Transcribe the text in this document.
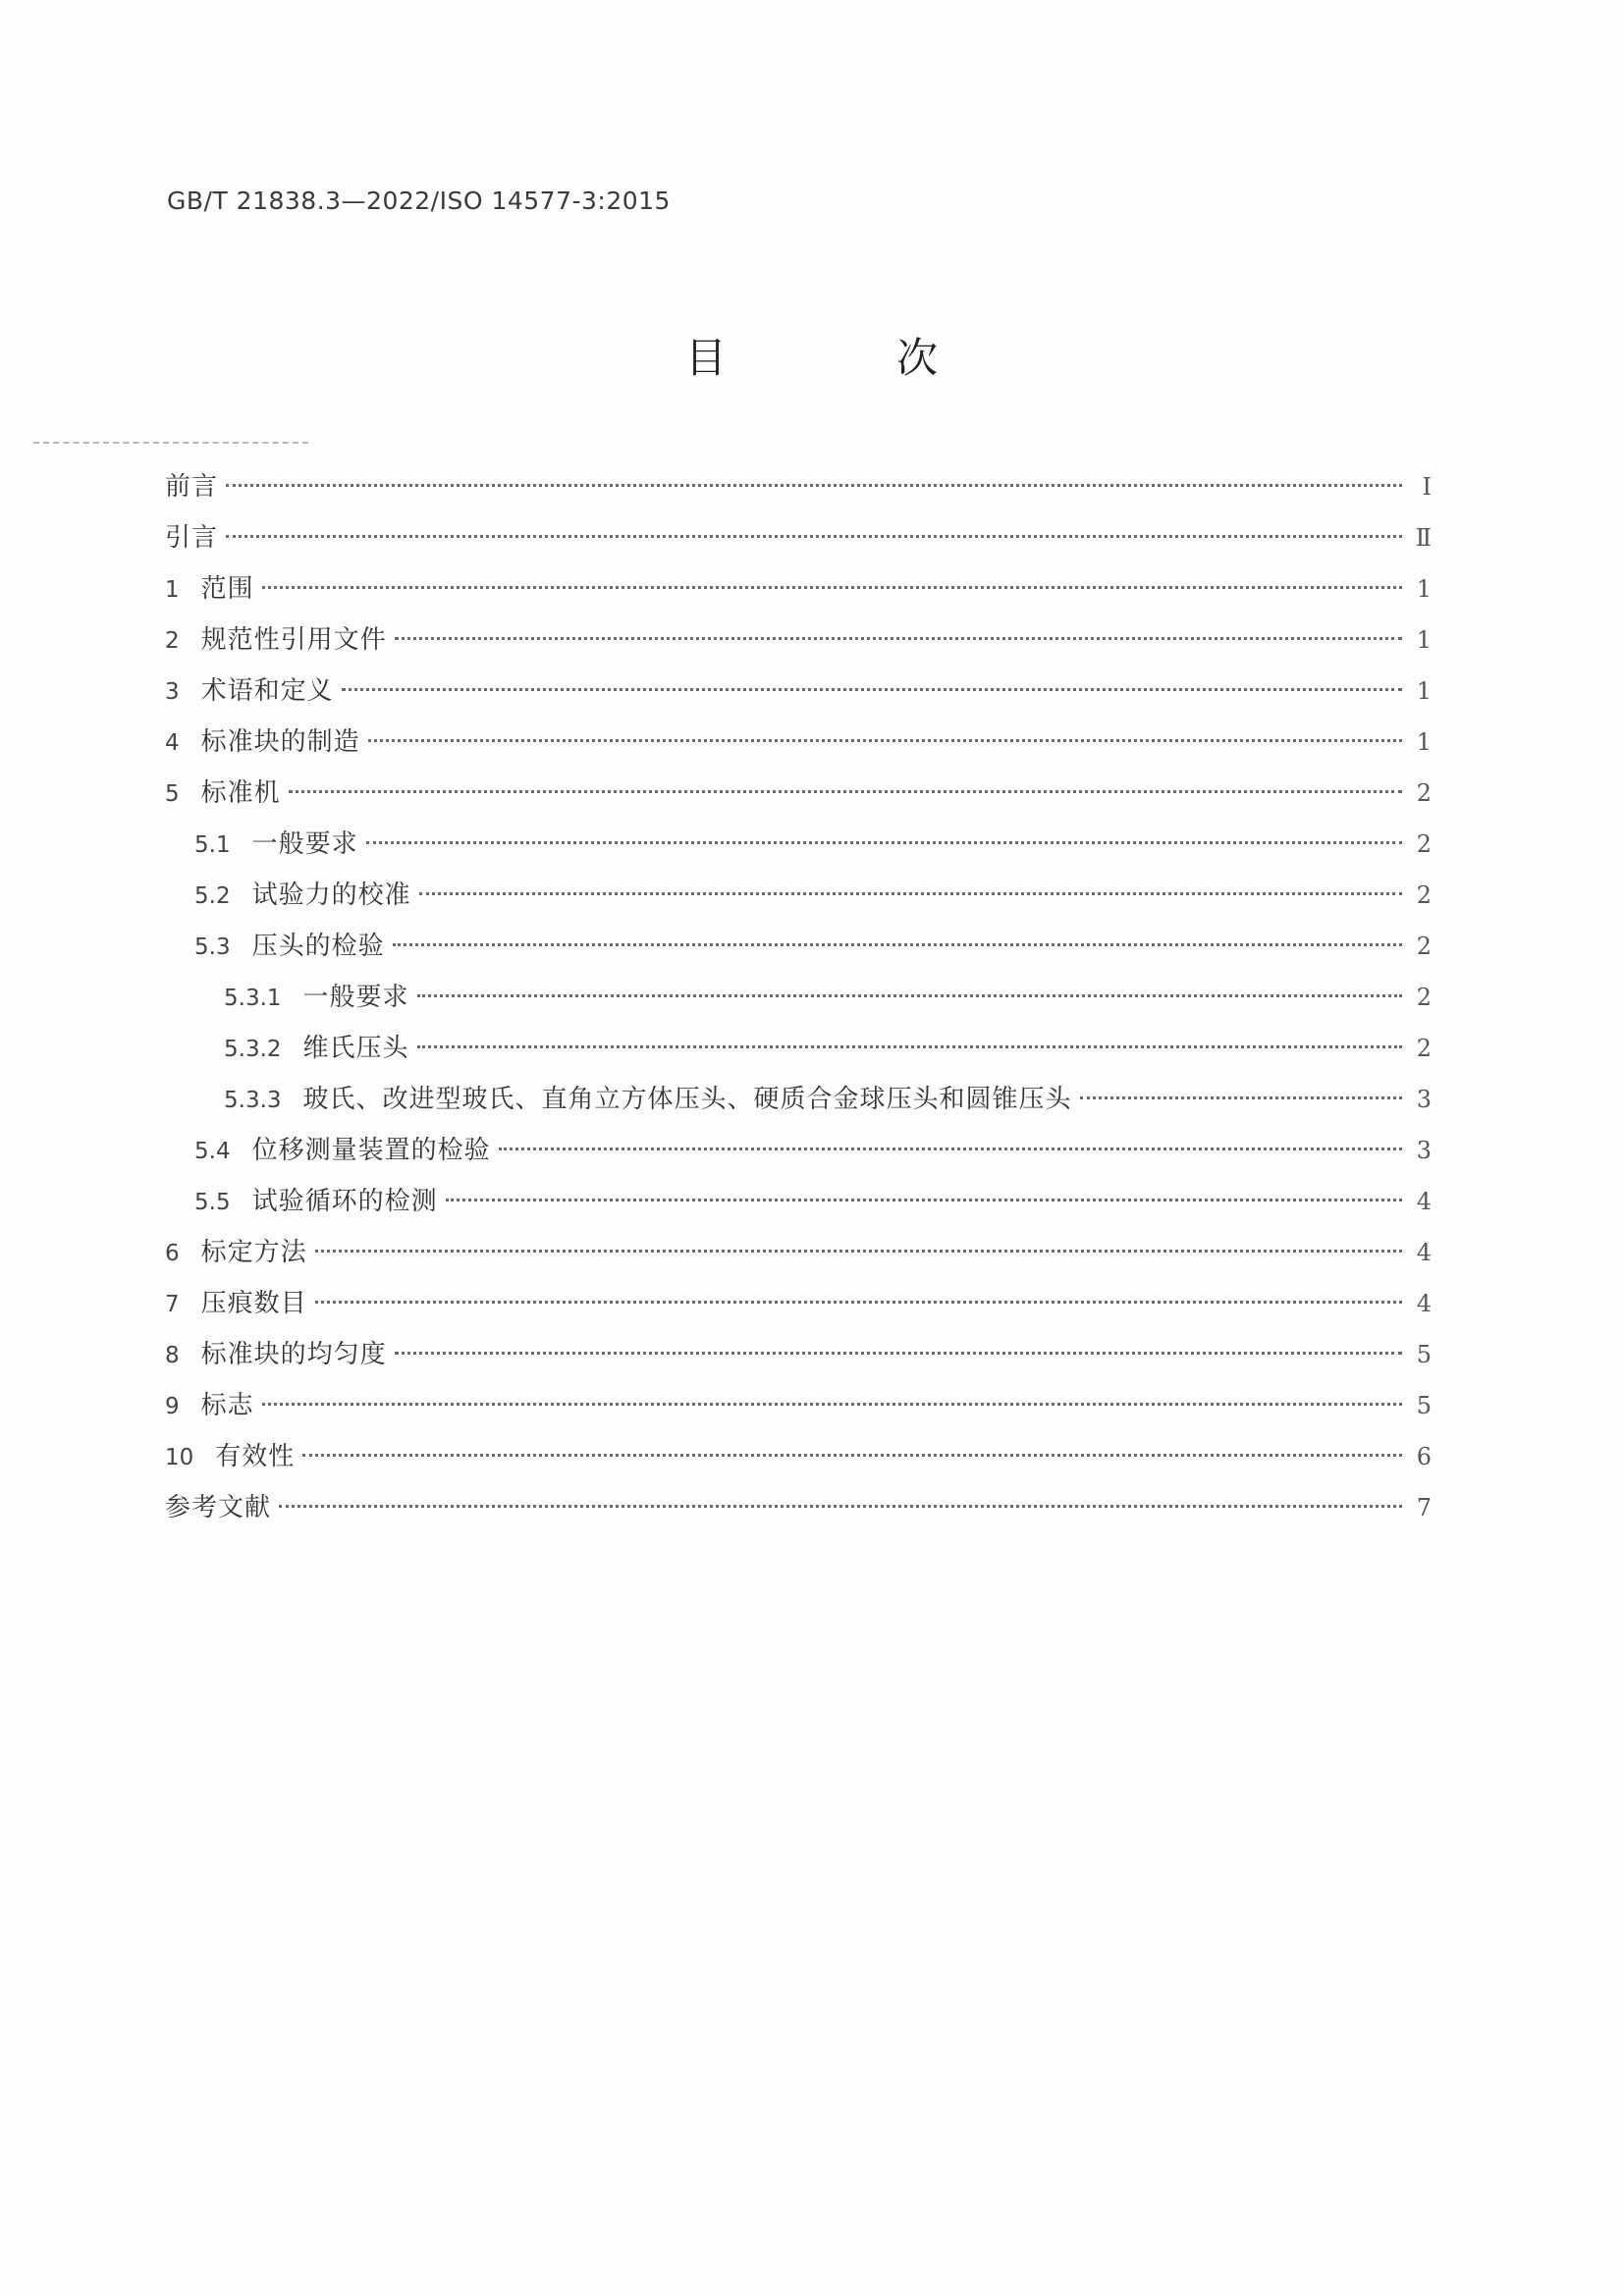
GB/T 21838.3—2022/ISO 14577-3:2015
目 次
前言	Ⅰ
引言	Ⅱ
1 范围	1
2 规范性引用文件	1
3 术语和定义	1
4 标准块的制造	1
5 标准机	2
5.1 一般要求	2
5.2 试验力的校准	2
5.3 压头的检验	2
5.3.1 一般要求	2
5.3.2 维氏压头	2
5.3.3 玻氏、改进型玻氏、直角立方体压头、硬质合金球压头和圆锥压头	3
5.4 位移测量装置的检验	3
5.5 试验循环的检测	4
6 标定方法	4
7 压痕数目	4
8 标准块的均匀度	5
9 标志	5
10 有效性	6
参考文献	7
